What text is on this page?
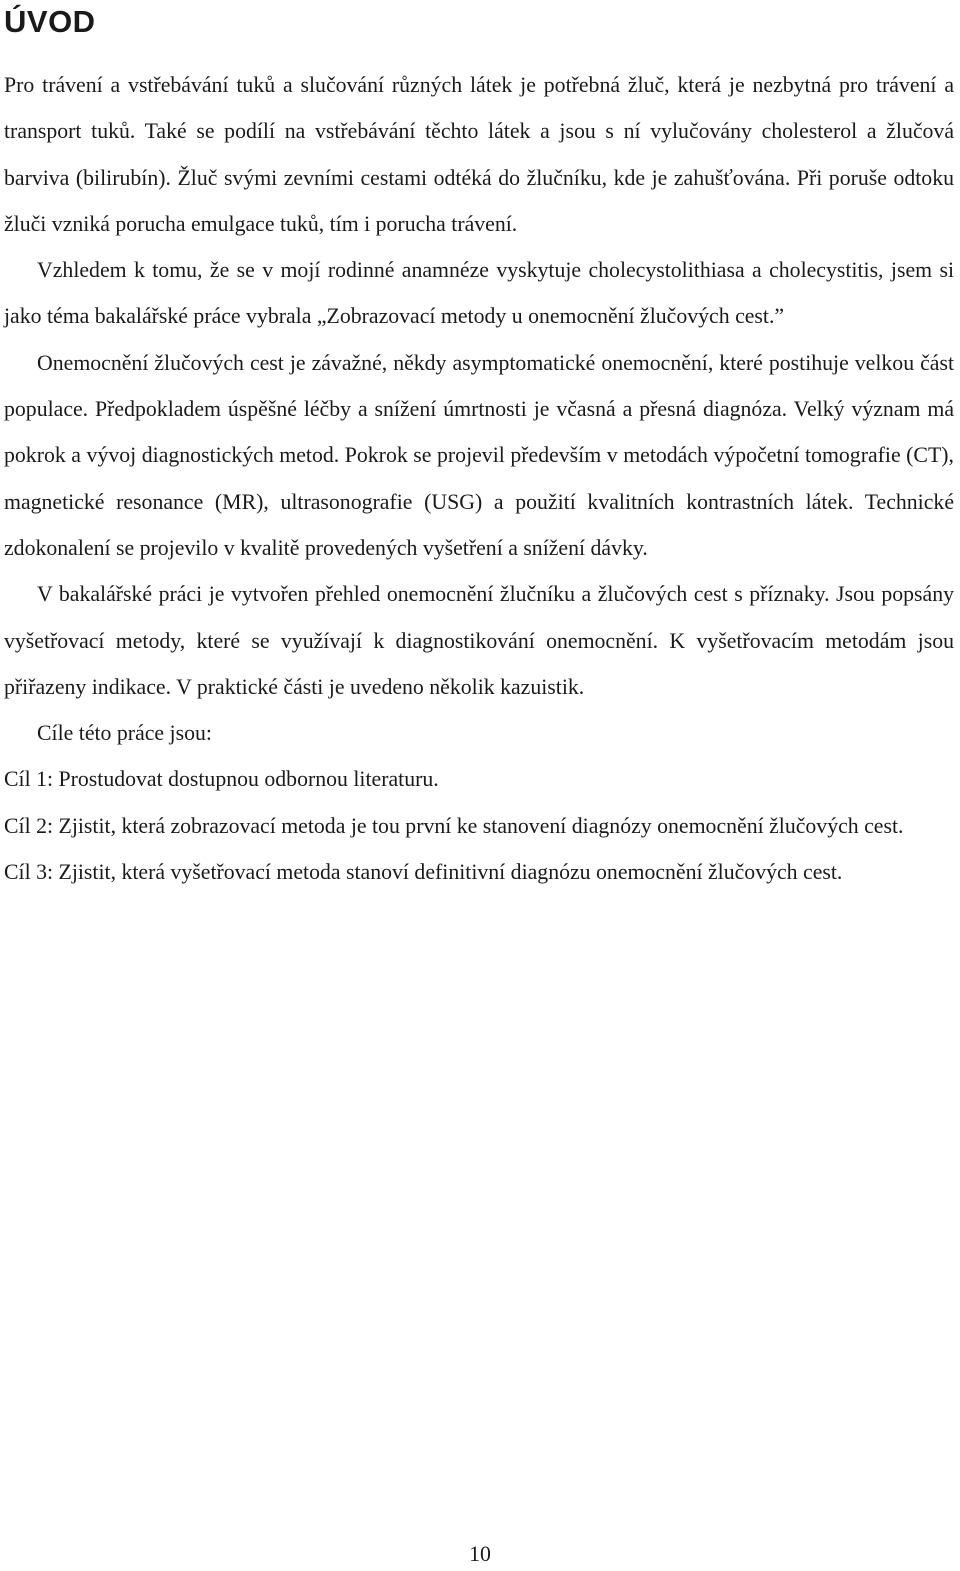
ÚVOD

Pro trávení a vstřebávání tuků a slučování různých látek je potřebná žluč, která je nezbytná pro trávení a transport tuků. Také se podílí na vstřebávání těchto látek a jsou s ní vylučovány cholesterol a žlučová barviva (bilirubín). Žluč svými zevními cestami odtéká do žlučníku, kde je zahušťována. Při poruše odtoku žluči vzniká porucha emulgace tuků, tím i porucha trávení.

Vzhledem k tomu, že se v mojí rodinné anamnéze vyskytuje cholecystolithiasa a cholecystitis, jsem si jako téma bakalářské práce vybrala „Zobrazovací metody u onemocnění žlučových cest.”

Onemocnění žlučových cest je závažné, někdy asymptomatické onemocnění, které postihuje velkou část populace. Předpokladem úspěšné léčby a snížení úmrtnosti je včasná a přesná diagnóza. Velký význam má pokrok a vývoj diagnostických metod. Pokrok se projevil především v metodách výpočetní tomografie (CT), magnetické resonance (MR), ultrasonografie (USG) a použití kvalitních kontrastních látek. Technické zdokonalení se projevilo v kvalitě provedených vyšetření a snížení dávky.

V bakalářské práci je vytvořen přehled onemocnění žlučníku a žlučových cest s příznaky. Jsou popsány vyšetřovací metody, které se využívají k diagnostikování onemocnění. K vyšetřovacím metodám jsou přiřazeny indikace. V praktické části je uvedeno několik kazuistik.

Cíle této práce jsou:

Cíl 1: Prostudovat dostupnou odbornou literaturu.

Cíl 2: Zjistit, která zobrazovací metoda je tou první ke stanovení diagnózy onemocnění žlučových cest.

Cíl 3: Zjistit, která vyšetřovací metoda stanoví definitivní diagnózu onemocnění žlučových cest.

10
